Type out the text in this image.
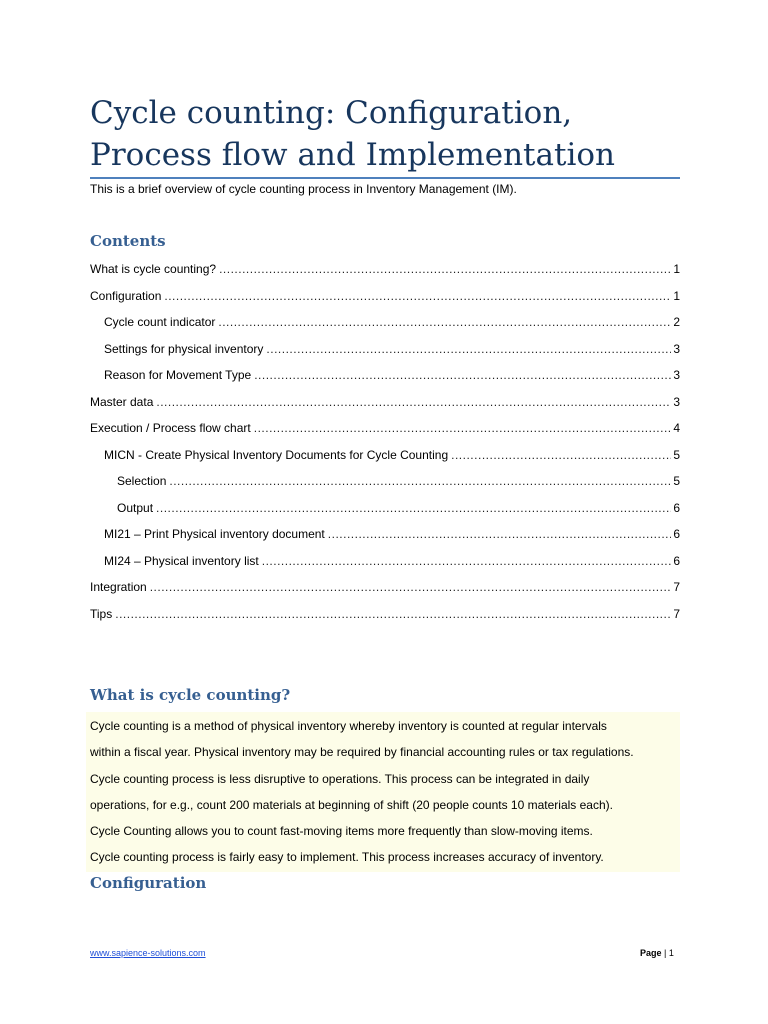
Cycle counting: Configuration, Process flow and Implementation
This is a brief overview of cycle counting process in Inventory Management (IM).
Contents
What is cycle counting? .....	1
Configuration .....	1
Cycle count indicator .....	2
Settings for physical inventory .....	3
Reason for Movement Type .....	3
Master data .....	3
Execution / Process flow chart .....	4
MICN - Create Physical Inventory Documents for Cycle Counting .....	5
Selection .....	5
Output .....	6
MI21 – Print Physical inventory document .....	6
MI24 – Physical inventory list .....	6
Integration .....	7
Tips .....	7
What is cycle counting?
Cycle counting is a method of physical inventory whereby inventory is counted at regular intervals
within a fiscal year. Physical inventory may be required by financial accounting rules or tax regulations.
Cycle counting process is less disruptive to operations. This process can be integrated in daily
operations, for e.g., count 200 materials at beginning of shift (20 people counts 10 materials each).
Cycle Counting allows you to count fast-moving items more frequently than slow-moving items.
Cycle counting process is fairly easy to implement. This process increases accuracy of inventory.
Configuration
www.sapience-solutions.com	Page | 1
